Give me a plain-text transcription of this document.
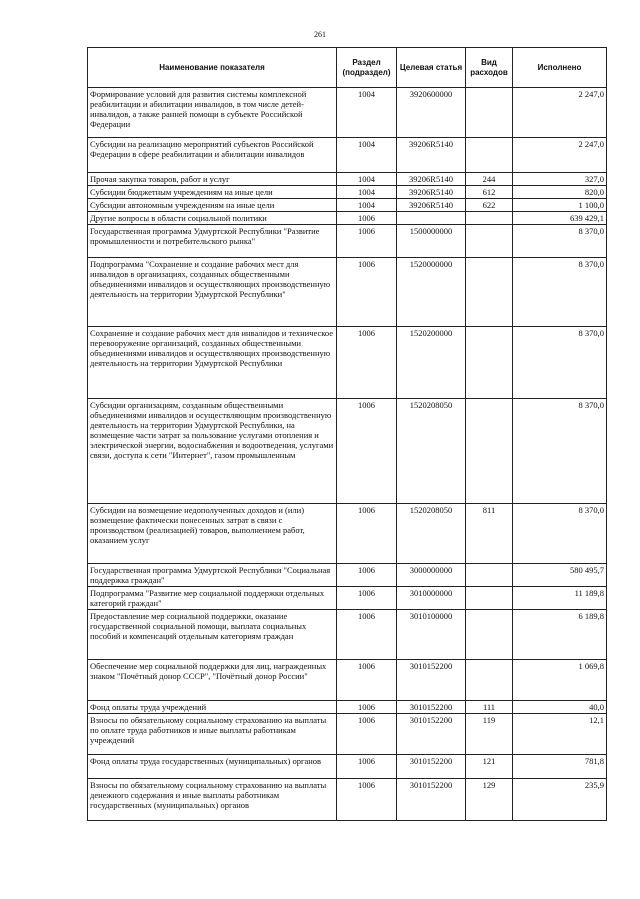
261
Наименование показателя	Раздел (подраздел)	Целевая статья	Вид расходов	Исполнено
Формирование условий для развития системы комплексной реабилитации и абилитации инвалидов, в том числе детей-инвалидов, а также ранней помощи в субъекте Российской Федерации	1004	3920600000		2 247,0
Субсидии на реализацию мероприятий субъектов Российской Федерации в сфере реабилитации и абилитации инвалидов	1004	39206R5140		2 247,0
Прочая закупка товаров, работ и услуг	1004	39206R5140	244	327,0
Субсидии бюджетным учреждениям на иные цели	1004	39206R5140	612	820,0
Субсидии автономным учреждениям на иные цели	1004	39206R5140	622	1 100,0
Другие вопросы в области социальной политики	1006			639 429,1
Государственная программа Удмуртской Республики "Развитие промышленности и потребительского рынка"	1006	1500000000		8 370,0
Подпрограмма "Сохранение и создание рабочих мест для инвалидов в организациях, созданных общественными объединениями инвалидов и осуществляющих производственную деятельность на территории Удмуртской Республики"	1006	1520000000		8 370,0
Сохранение и создание рабочих мест для инвалидов и техническое перевооружение организаций, созданных общественными объединениями инвалидов и осуществляющих производственную деятельность на территории Удмуртской Республики	1006	1520200000		8 370,0
Субсидии организациям, созданным общественными объединениями инвалидов и осуществляющим производственную деятельность на территории Удмуртской Республики, на возмещение части затрат за пользование услугами отопления и электрической энергии, водоснабжения и водоотведения, услугами связи, доступа к сети "Интернет", газом промышленным	1006	1520208050		8 370,0
Субсидии на возмещение недополученных доходов и (или) возмещение фактически понесенных затрат в связи с производством (реализацией) товаров, выполнением работ, оказанием услуг	1006	1520208050	811	8 370,0
Государственная программа Удмуртской Республики "Социальная поддержка граждан"	1006	3000000000		580 495,7
Подпрограмма "Развитие мер социальной поддержки отдельных категорий граждан"	1006	3010000000		11 189,8
Предоставление мер социальной поддержки, оказание государственной социальной помощи, выплата социальных пособий и компенсаций отдельным категориям граждан	1006	3010100000		6 189,8
Обеспечение мер социальной поддержки для лиц, награжденных знаком "Почётный донор СССР", "Почётный донор России"	1006	3010152200		1 069,8
Фонд оплаты труда учреждений	1006	3010152200	111	40,0
Взносы по обязательному социальному страхованию на выплаты по оплате труда работников и иные выплаты работникам учреждений	1006	3010152200	119	12,1
Фонд оплаты труда государственных (муниципальных) органов	1006	3010152200	121	781,8
Взносы по обязательному социальному страхованию на выплаты денежного содержания и иные выплаты работникам государственных (муниципальных) органов	1006	3010152200	129	235,9
